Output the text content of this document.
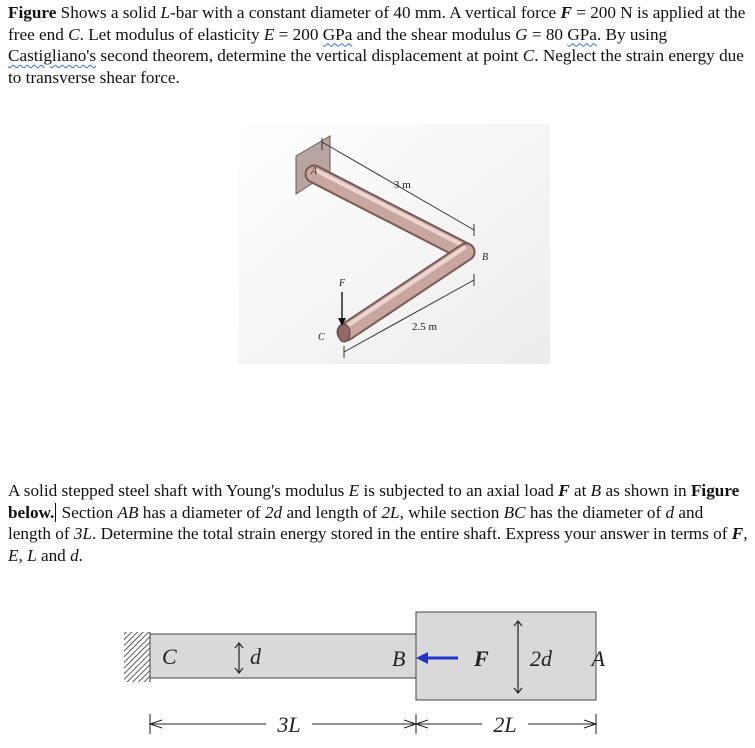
Figure Shows a solid L-bar with a constant diameter of 40 mm. A vertical force F = 200 N is applied at the free end C. Let modulus of elasticity E = 200 GPa and the shear modulus G = 80 GPa. By using Castigliano's second theorem, determine the vertical displacement at point C. Neglect the strain energy due to transverse shear force.
3 m
2.5 m
F
A
B
C
A solid stepped steel shaft with Young's modulus E is subjected to an axial load F at B as shown in Figure below. Section AB has a diameter of 2d and length of 2L, while section BC has the diameter of d and length of 3L. Determine the total strain energy stored in the entire shaft. Express your answer in terms of F, E, L and d.
C	d	B	F 2d A
3L	2L
